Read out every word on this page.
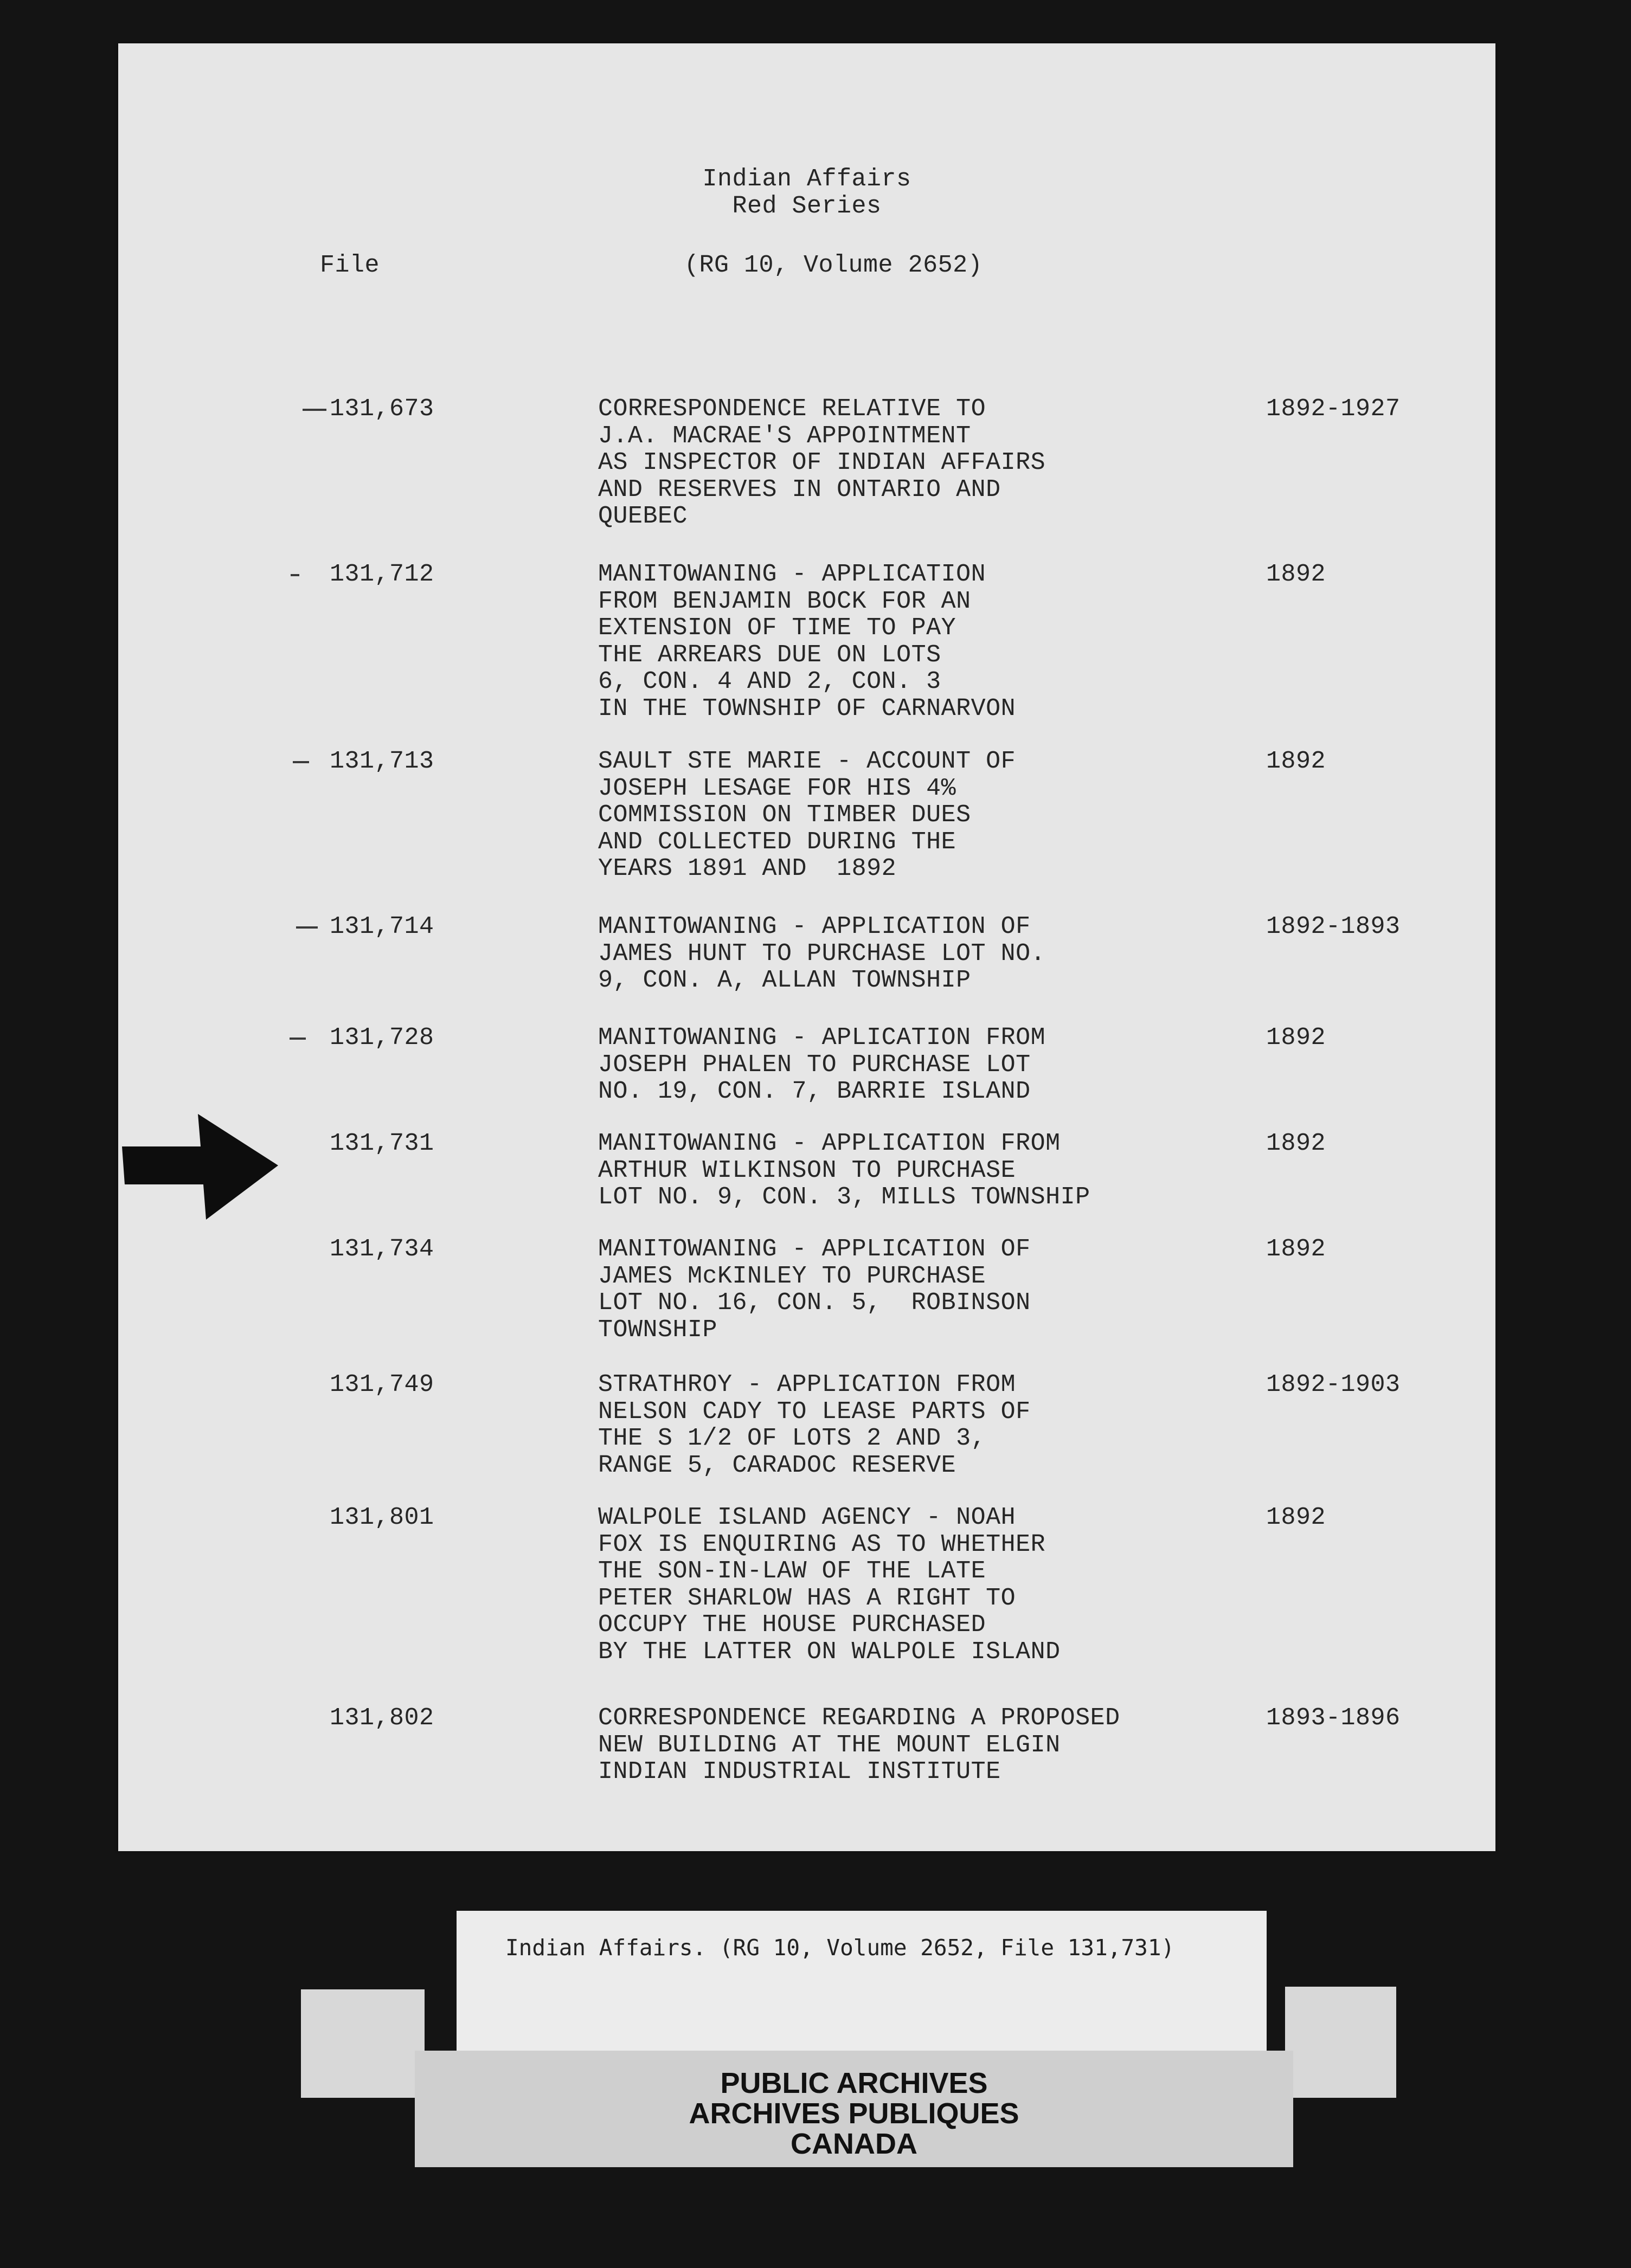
Indian Affairs
Red Series
File	(RG 10, Volume 2652)
131,673	CORRESPONDENCE RELATIVE TO
J.A. MACRAE'S APPOINTMENT
AS INSPECTOR OF INDIAN AFFAIRS
AND RESERVES IN ONTARIO AND
QUEBEC
1892-1927
131,712	MANITOWANING - APPLICATION
FROM BENJAMIN BOCK FOR AN
EXTENSION OF TIME TO PAY
THE ARREARS DUE ON LOTS
6, CON. 4 AND 2, CON. 3
IN THE TOWNSHIP OF CARNARVON
1892
131,713	SAULT STE MARIE - ACCOUNT OF
JOSEPH LESAGE FOR HIS 4%
COMMISSION ON TIMBER DUES
AND COLLECTED DURING THE
YEARS 1891 AND  1892
1892
131,714	MANITOWANING - APPLICATION OF
JAMES HUNT TO PURCHASE LOT NO.
9, CON. A, ALLAN TOWNSHIP
1892-1893
131,728	MANITOWANING - APLICATION FROM
JOSEPH PHALEN TO PURCHASE LOT
NO. 19, CON. 7, BARRIE ISLAND
1892
131,731	MANITOWANING - APPLICATION FROM
ARTHUR WILKINSON TO PURCHASE
LOT NO. 9, CON. 3, MILLS TOWNSHIP
1892
131,734	MANITOWANING - APPLICATION OF
JAMES McKINLEY TO PURCHASE
LOT NO. 16, CON. 5,  ROBINSON
TOWNSHIP
1892
131,749	STRATHROY - APPLICATION FROM
NELSON CADY TO LEASE PARTS OF
THE S 1/2 OF LOTS 2 AND 3,
RANGE 5, CARADOC RESERVE
1892-1903
131,801	WALPOLE ISLAND AGENCY - NOAH
FOX IS ENQUIRING AS TO WHETHER
THE SON-IN-LAW OF THE LATE
PETER SHARLOW HAS A RIGHT TO
OCCUPY THE HOUSE PURCHASED
BY THE LATTER ON WALPOLE ISLAND
1892
131,802	CORRESPONDENCE REGARDING A PROPOSED
NEW BUILDING AT THE MOUNT ELGIN
INDIAN INDUSTRIAL INSTITUTE
1893-1896
Indian Affairs. (RG 10, Volume 2652, File 131,731)
PUBLIC ARCHIVES
ARCHIVES PUBLIQUES
CANADA
